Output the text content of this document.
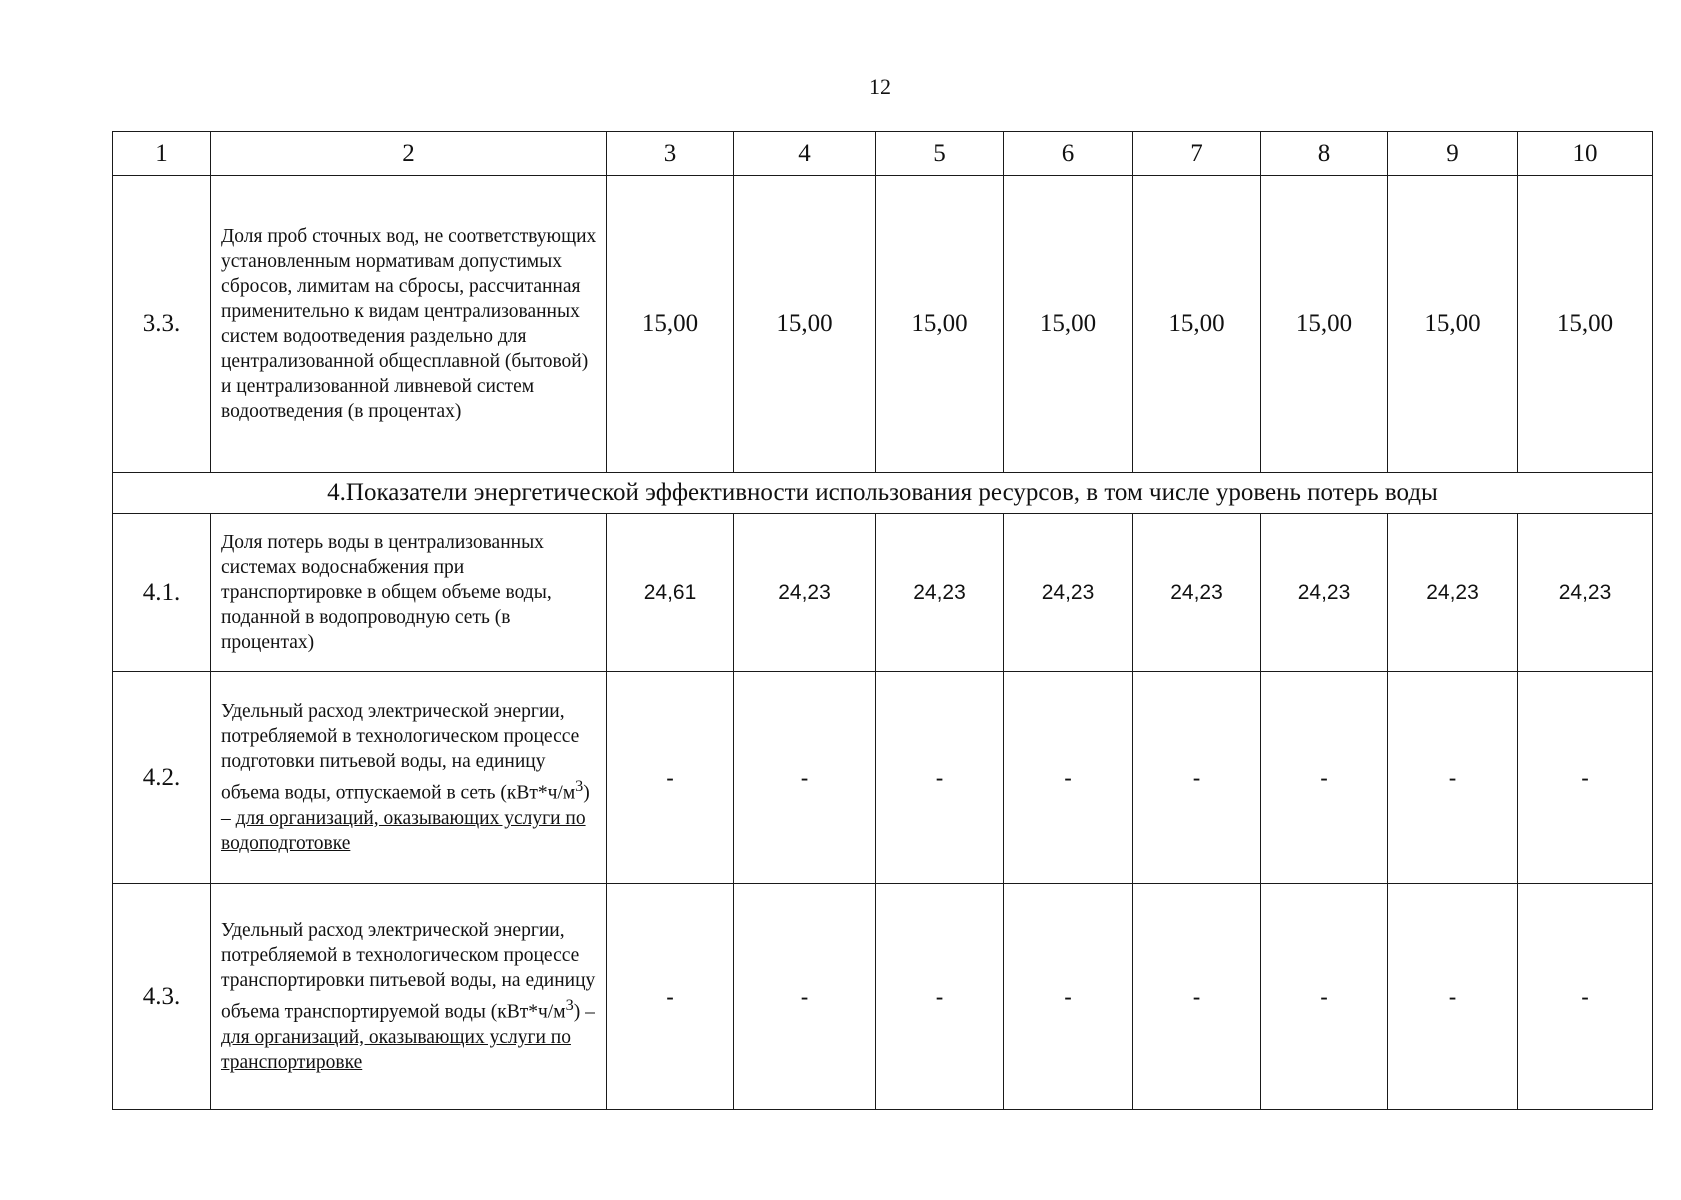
12
1	2	3	4	5	6	7	8	9	10
3.3.	Доля проб сточных вод, не соответствующих установленным нормативам допустимых сбросов, лимитам на сбросы, рассчитанная применительно к видам централизованных систем водоотведения раздельно для централизованной общесплавной (бытовой) и централизованной ливневой систем водоотведения (в процентах)	15,00	15,00	15,00	15,00	15,00	15,00	15,00	15,00
4.Показатели энергетической эффективности использования ресурсов, в том числе уровень потерь воды									
4.1.	Доля потерь воды в централизованных системах водоснабжения при транспортировке в общем объеме воды, поданной в водопроводную сеть (в процентах)	24,61	24,23	24,23	24,23	24,23	24,23	24,23	24,23
4.2.	Удельный расход электрической энергии, потребляемой в технологическом процессе подготовки питьевой воды, на единицу объема воды, отпускаемой в сеть $(кВт*ч/м^3)$ – для организаций, оказывающих услуги по водоподготовке	-	-	-	-	-	-	-	-
4.3.	Удельный расход электрической энергии, потребляемой в технологическом процессе транспортировки питьевой воды, на единицу объема транспортируемой воды $(кВт*ч/м^3)$ – для организаций, оказывающих услуги по транспортировке	-	-	-	-	-	-	-	-
